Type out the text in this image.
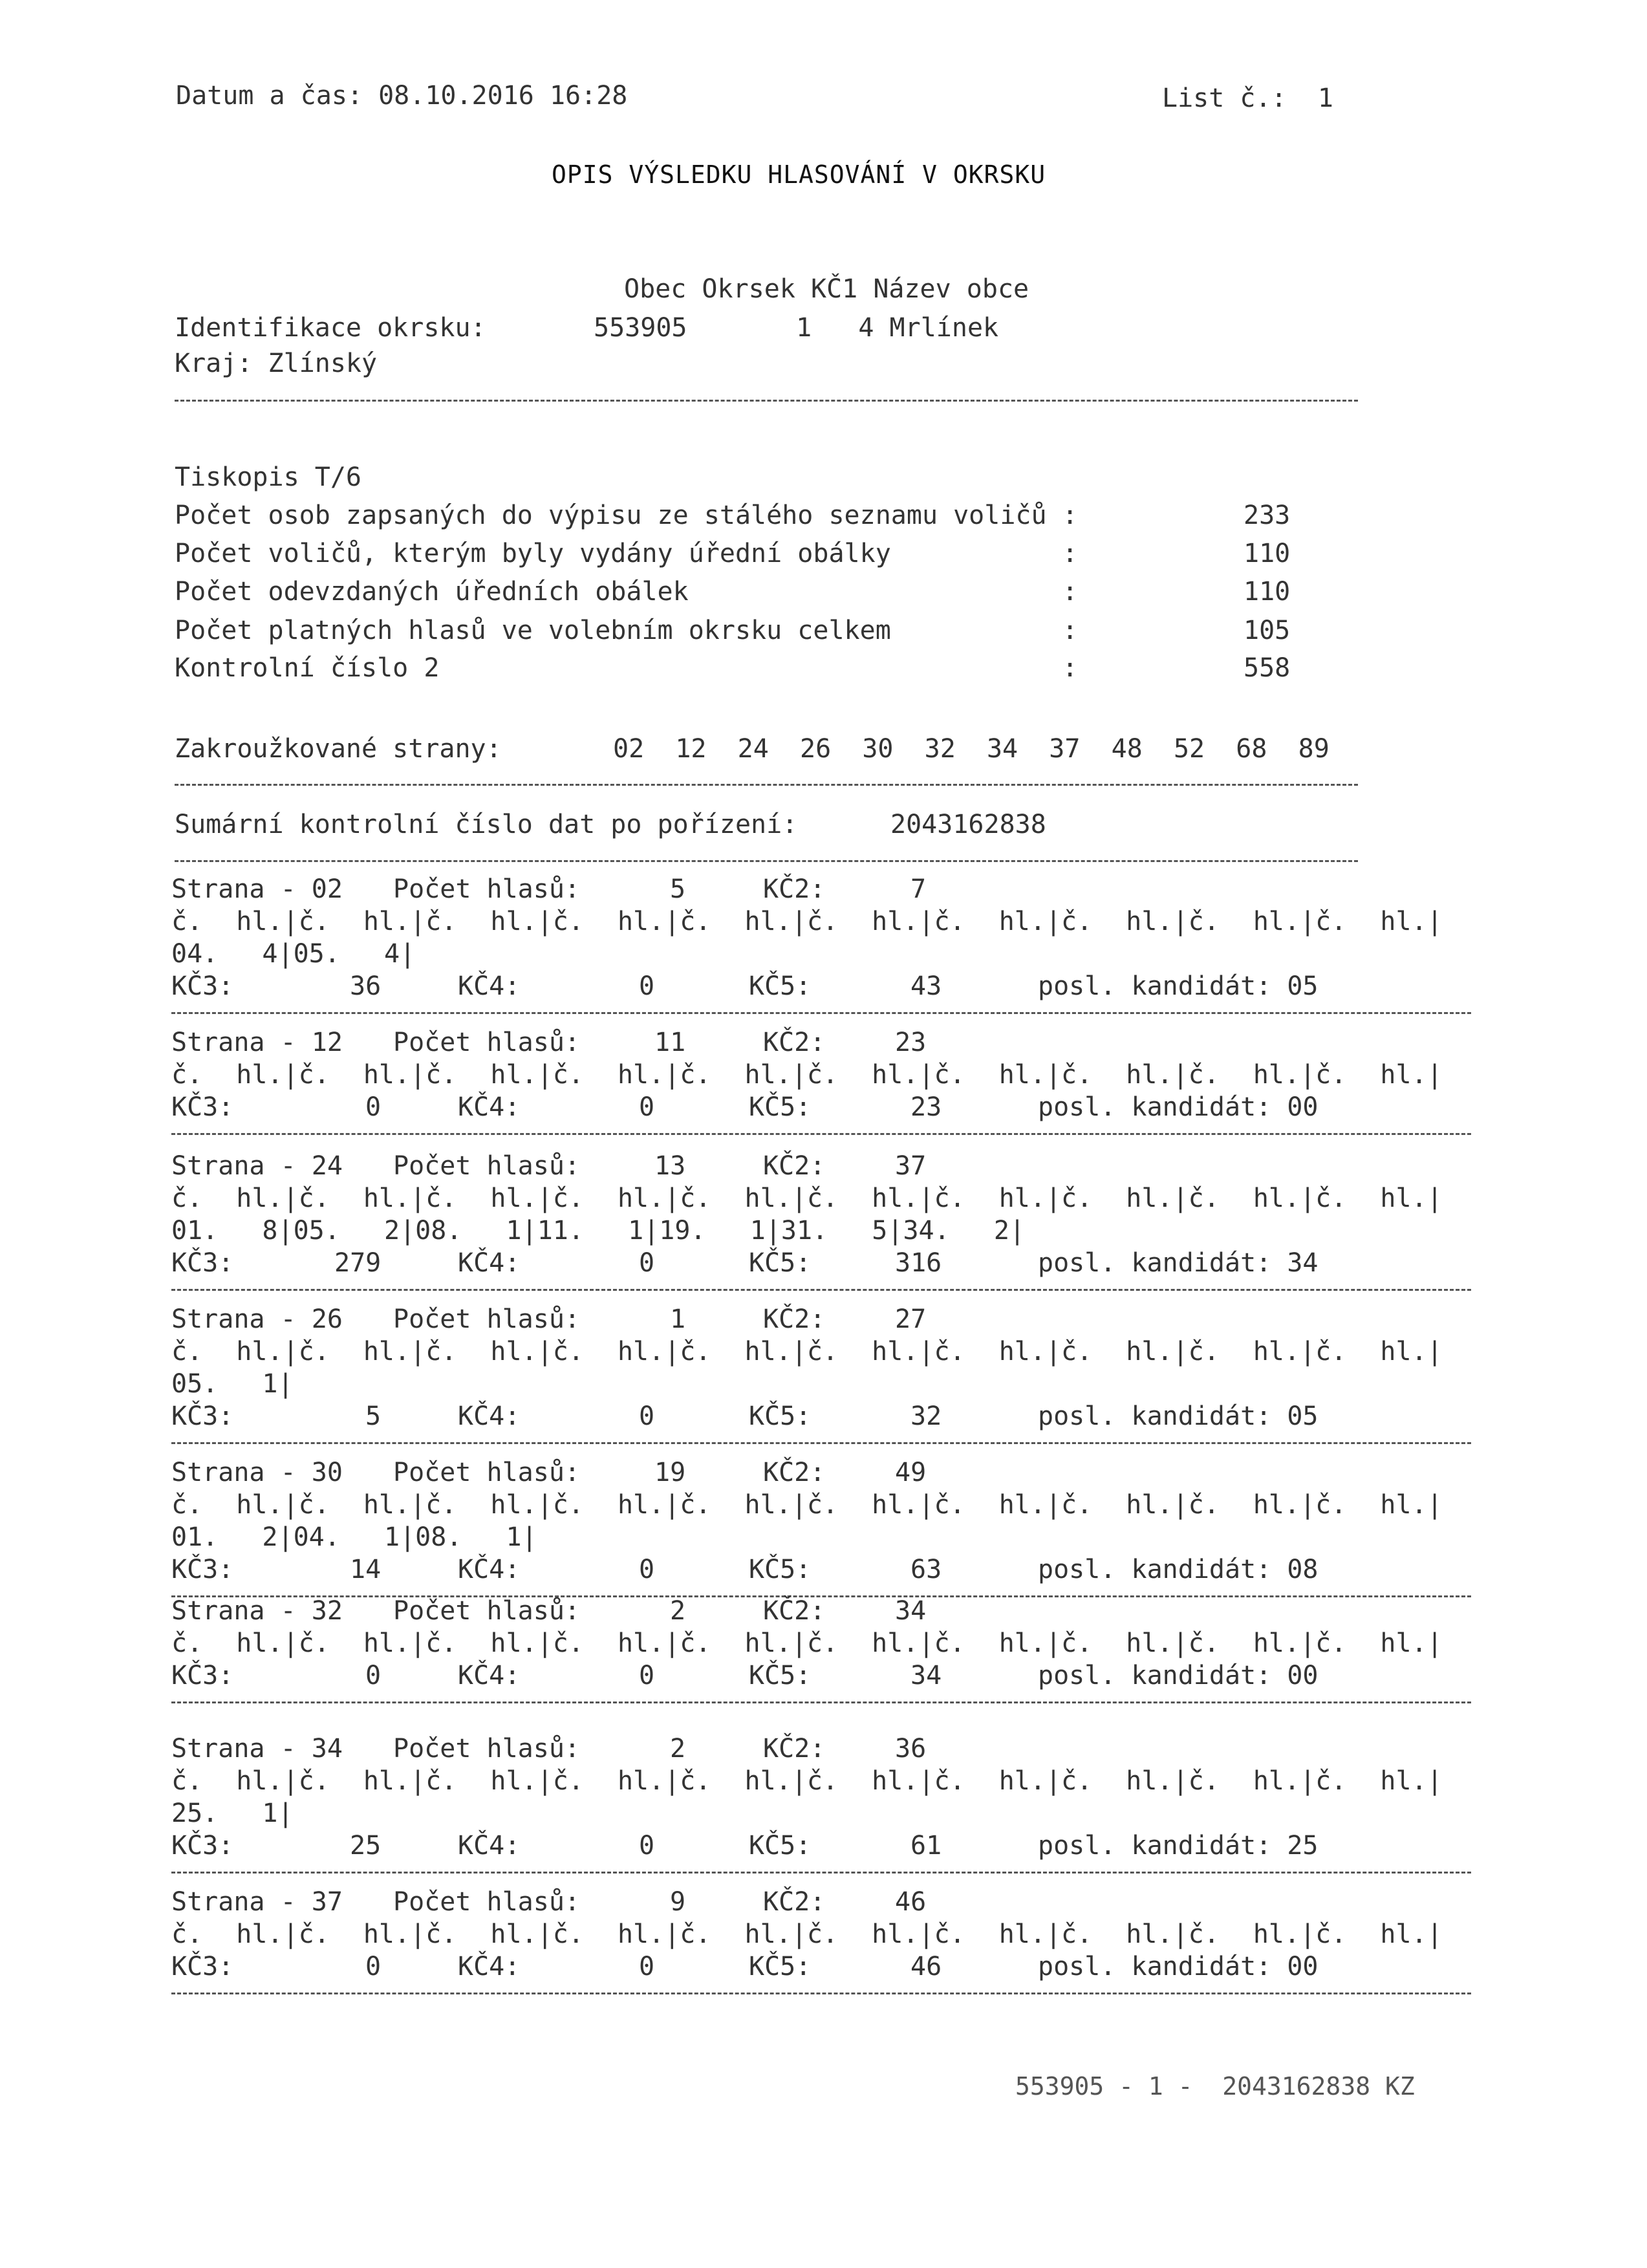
Datum a čas: 08.10.2016 16:28	List č.:  1
OPIS VÝSLEDKU HLASOVÁNÍ V OKRSKU
Obec Okrsek KČ1 Název obce
Identifikace okrsku:	553905       1   4 Mrlínek
Kraj: Zlínský
Tiskopis T/6
Počet osob zapsaných do výpisu ze stálého seznamu voličů :	233
Počet voličů, kterým byly vydány úřední obálky           :	110
Počet odevzdaných úředních obálek                        :	110
Počet platných hlasů ve volebním okrsku celkem           :	105
Kontrolní číslo 2                                        :	558
Zakroužkované strany:	02  12  24  26  30  32  34  37  48  52  68  89
Sumární kontrolní číslo dat po pořízení:	2043162838
Strana - 02 Počet hlasů:	5	KČ2:	7
č. hl.|č. hl.|č. hl.|č. hl.|č. hl.|č. hl.|č. hl.|č. hl.|č. hl.|č. hl.|
04.  4|05.  4|
KČ3:	36	KČ4:	0	KČ5:	43	posl. kandidát: 05
Strana - 12 Počet hlasů:	11	KČ2:	23
č. hl.|č. hl.|č. hl.|č. hl.|č. hl.|č. hl.|č. hl.|č. hl.|č. hl.|č. hl.|
KČ3:	0	KČ4:	0	KČ5:	23	posl. kandidát: 00
Strana - 24 Počet hlasů:	13	KČ2:	37
č. hl.|č. hl.|č. hl.|č. hl.|č. hl.|č. hl.|č. hl.|č. hl.|č. hl.|č. hl.|
01.  8|05.  2|08.  1|11.  1|19.  1|31.  5|34.  2|
KČ3:	279	KČ4:	0	KČ5:	316	posl. kandidát: 34
Strana - 26 Počet hlasů:	1	KČ2:	27
č. hl.|č. hl.|č. hl.|č. hl.|č. hl.|č. hl.|č. hl.|č. hl.|č. hl.|č. hl.|
05.  1|
KČ3:	5	KČ4:	0	KČ5:	32	posl. kandidát: 05
Strana - 30 Počet hlasů:	19	KČ2:	49
č. hl.|č. hl.|č. hl.|č. hl.|č. hl.|č. hl.|č. hl.|č. hl.|č. hl.|č. hl.|
01.  2|04.  1|08.  1|
KČ3:	14	KČ4:	0	KČ5:	63	posl. kandidát: 08
Strana - 32 Počet hlasů:	2	KČ2:	34
č. hl.|č. hl.|č. hl.|č. hl.|č. hl.|č. hl.|č. hl.|č. hl.|č. hl.|č. hl.|
KČ3:	0	KČ4:	0	KČ5:	34	posl. kandidát: 00
Strana - 34 Počet hlasů:	2	KČ2:	36
č. hl.|č. hl.|č. hl.|č. hl.|č. hl.|č. hl.|č. hl.|č. hl.|č. hl.|č. hl.|
25.  1|
KČ3:	25	KČ4:	0	KČ5:	61	posl. kandidát: 25
Strana - 37 Počet hlasů:	9	KČ2:	46
č. hl.|č. hl.|č. hl.|č. hl.|č. hl.|č. hl.|č. hl.|č. hl.|č. hl.|č. hl.|
KČ3:	0	KČ4:	0	KČ5:	46	posl. kandidát: 00
553905 - 1 -  2043162838 KZ
